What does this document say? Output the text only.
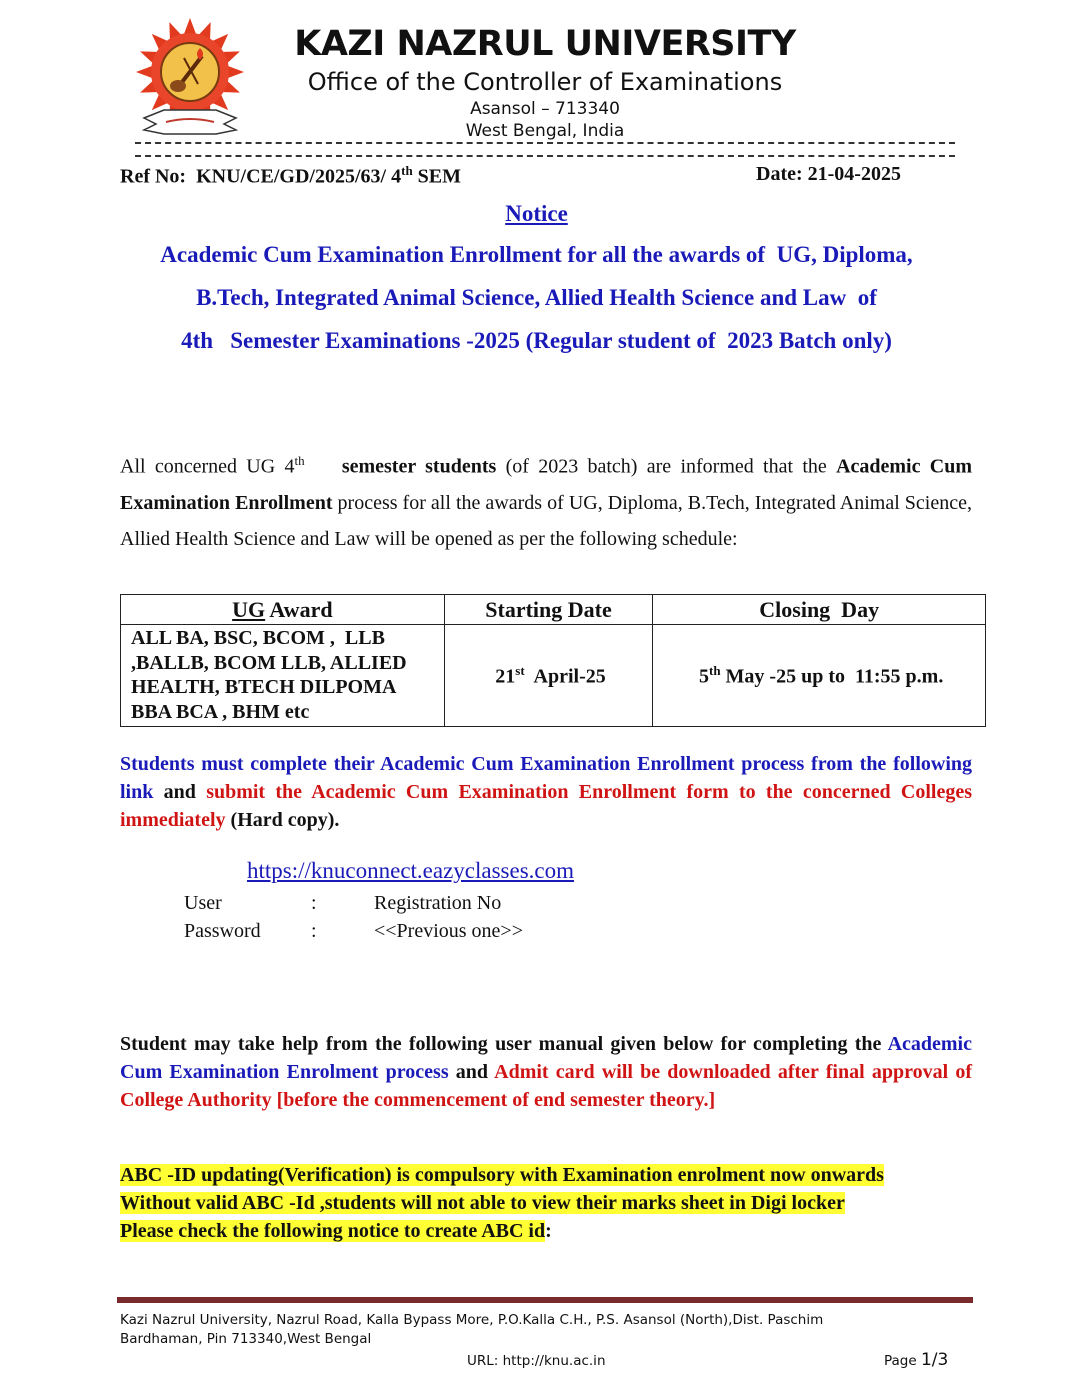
KAZI NAZRUL UNIVERSITY
Office of the Controller of Examinations
Asansol – 713340
West Bengal, India
Ref No: KNU/CE/GD/2025/63/ 4th SEM	Date: 21-04-2025
Notice
Academic Cum Examination Enrollment for all the awards of  UG, Diploma,
B.Tech, Integrated Animal Science, Allied Health Science and Law  of
4th   Semester Examinations -2025 (Regular student of  2023 Batch only)
All concerned UG 4th semester students (of 2023 batch) are informed that the Academic Cum Examination Enrollment process for all the awards of UG, Diploma, B.Tech, Integrated Animal Science, Allied Health Science and Law will be opened as per the following schedule:
UG Award	Starting Date	Closing  Day

ALL BA, BSC, BCOM ,  LLB
,BALLB, BCOM LLB, ALLIED
HEALTH, BTECH DILPOMA
BBA BCA , BHM etc	21st  April-25	5th May -25 up to  11:55 p.m.
Students must complete their Academic Cum Examination Enrollment process from the following link and submit the Academic Cum Examination Enrollment form to the concerned Colleges immediately (Hard copy).
https://knuconnect.eazyclasses.com
User	:	Registration No
Password	:	<<Previous one>>
Student may take help from the following user manual given below for completing the Academic Cum Examination Enrolment process and Admit card will be downloaded after final approval of College Authority [before the commencement of end semester theory.]
ABC -ID updating(Verification) is compulsory with Examination enrolment now onwards
Without valid ABC -Id ,students will not able to view their marks sheet in Digi locker
Please check the following notice to create ABC id:
Kazi Nazrul University, Nazrul Road, Kalla Bypass More, P.O.Kalla C.H., P.S. Asansol (North),Dist. Paschim Bardhaman, Pin 713340,West Bengal
URL: http://knu.ac.in	Page 1/3
